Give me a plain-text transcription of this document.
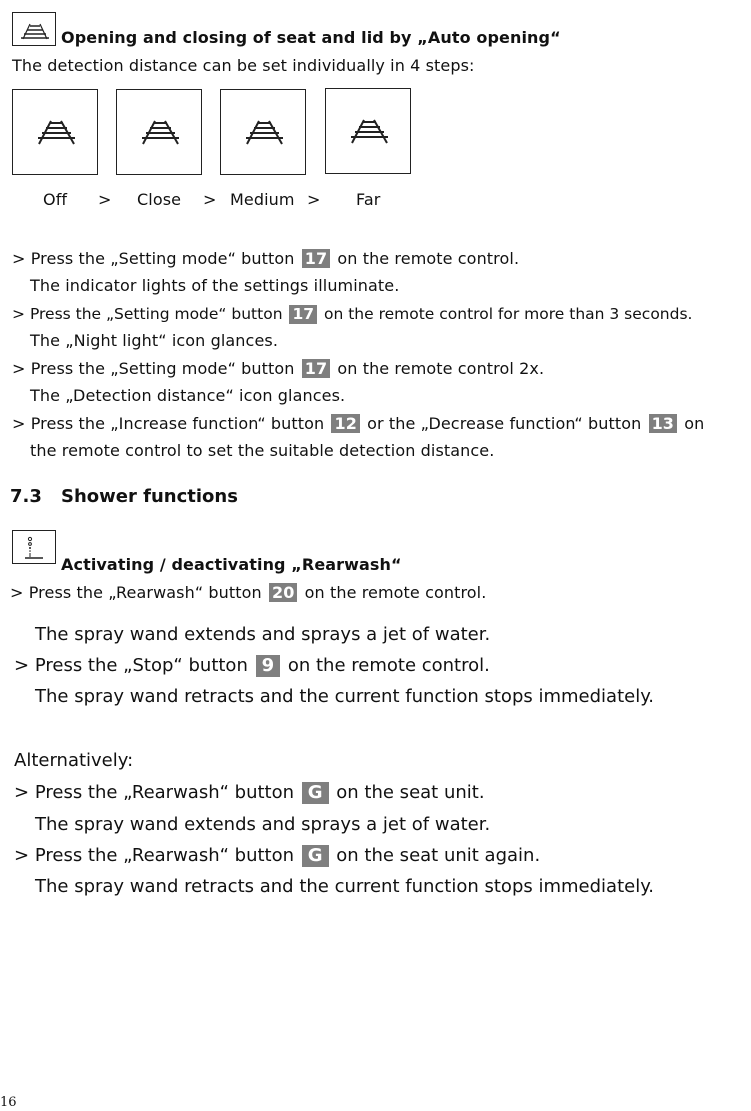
Opening and closing of seat and lid by „Auto opening“
The detection distance can be set individually in 4 steps:
Off > Close > Medium > Far
> Press the „Setting mode“ button 17 on the remote control.
The indicator lights of the settings illuminate.
> Press the „Setting mode“ button 17 on the remote control for more than 3 seconds.
The „Night light“ icon glances.
> Press the „Setting mode“ button 17 on the remote control 2x.
The „Detection distance“ icon glances.
> Press the „Increase function“ button 12 or the „Decrease function“ button 13 on
the remote control to set the suitable detection distance.
7.3 Shower functions
Activating / deactivating „Rearwash“
> Press the „Rearwash“ button 20 on the remote control.
The spray wand extends and sprays a jet of water.
> Press the „Stop“ button 9 on the remote control.
The spray wand retracts and the current function stops immediately.
Alternatively:
> Press the „Rearwash“ button G on the seat unit.
The spray wand extends and sprays a jet of water.
> Press the „Rearwash“ button G on the seat unit again.
The spray wand retracts and the current function stops immediately.
16
